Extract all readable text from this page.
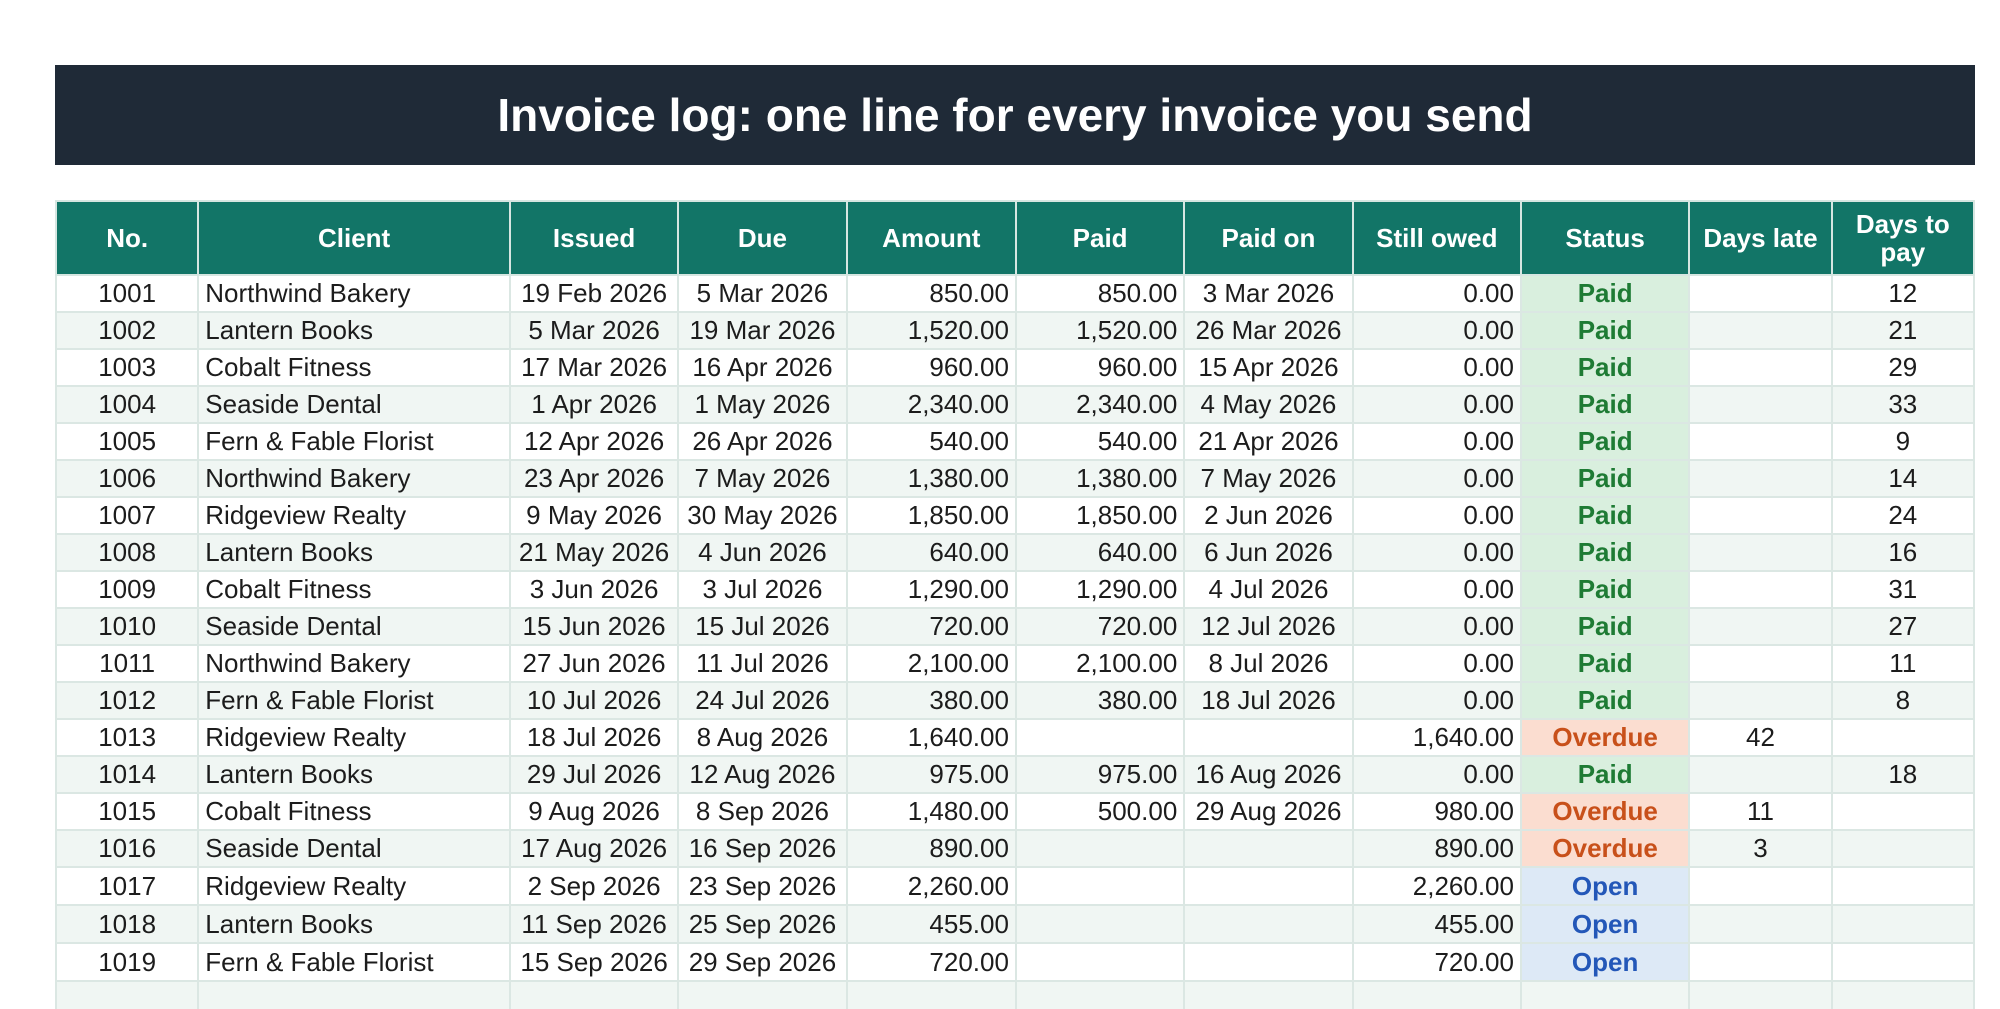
Invoice log: one line for every invoice you send
No.	Client	Issued	Due	Amount	Paid	Paid on	Still owed	Status	Days late	Days to pay
1001	Northwind Bakery	19 Feb 2026	5 Mar 2026	850.00	850.00	3 Mar 2026	0.00	Paid		12
1002	Lantern Books	5 Mar 2026	19 Mar 2026	1,520.00	1,520.00	26 Mar 2026	0.00	Paid		21
1003	Cobalt Fitness	17 Mar 2026	16 Apr 2026	960.00	960.00	15 Apr 2026	0.00	Paid		29
1004	Seaside Dental	1 Apr 2026	1 May 2026	2,340.00	2,340.00	4 May 2026	0.00	Paid		33
1005	Fern & Fable Florist	12 Apr 2026	26 Apr 2026	540.00	540.00	21 Apr 2026	0.00	Paid		9
1006	Northwind Bakery	23 Apr 2026	7 May 2026	1,380.00	1,380.00	7 May 2026	0.00	Paid		14
1007	Ridgeview Realty	9 May 2026	30 May 2026	1,850.00	1,850.00	2 Jun 2026	0.00	Paid		24
1008	Lantern Books	21 May 2026	4 Jun 2026	640.00	640.00	6 Jun 2026	0.00	Paid		16
1009	Cobalt Fitness	3 Jun 2026	3 Jul 2026	1,290.00	1,290.00	4 Jul 2026	0.00	Paid		31
1010	Seaside Dental	15 Jun 2026	15 Jul 2026	720.00	720.00	12 Jul 2026	0.00	Paid		27
1011	Northwind Bakery	27 Jun 2026	11 Jul 2026	2,100.00	2,100.00	8 Jul 2026	0.00	Paid		11
1012	Fern & Fable Florist	10 Jul 2026	24 Jul 2026	380.00	380.00	18 Jul 2026	0.00	Paid		8
1013	Ridgeview Realty	18 Jul 2026	8 Aug 2026	1,640.00			1,640.00	Overdue	42	
1014	Lantern Books	29 Jul 2026	12 Aug 2026	975.00	975.00	16 Aug 2026	0.00	Paid		18
1015	Cobalt Fitness	9 Aug 2026	8 Sep 2026	1,480.00	500.00	29 Aug 2026	980.00	Overdue	11	
1016	Seaside Dental	17 Aug 2026	16 Sep 2026	890.00			890.00	Overdue	3	
1017	Ridgeview Realty	2 Sep 2026	23 Sep 2026	2,260.00			2,260.00	Open		
1018	Lantern Books	11 Sep 2026	25 Sep 2026	455.00			455.00	Open		
1019	Fern & Fable Florist	15 Sep 2026	29 Sep 2026	720.00			720.00	Open		
